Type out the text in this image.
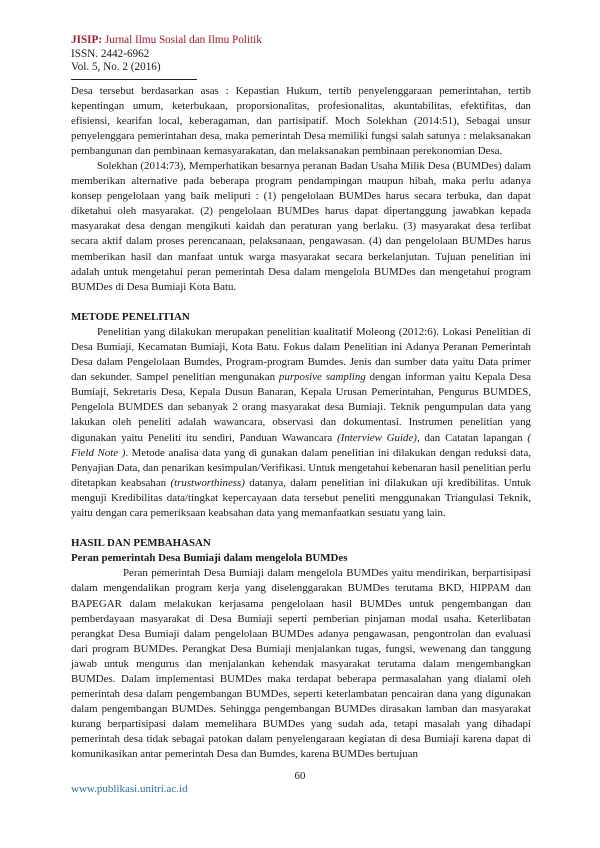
JISIP: Jurnal Ilmu Sosial dan Ilmu Politik
ISSN. 2442-6962
Vol. 5, No. 2 (2016)

Desa tersebut berdasarkan asas : Kepastian Hukum, tertib penyelenggaraan pemerintahan, tertib kepentingan umum, keterbukaan, proporsionalitas, profesionalitas, akuntabilitas, efektifitas, dan efisiensi, kearifan local, keberagaman, dan partisipatif. Moch Solekhan (2014:51), Sebagai unsur penyelenggara pemerintahan desa, maka pemerintah Desa memiliki fungsi salah satunya : melaksanakan pembangunan dan pembinaan kemasyarakatan, dan melaksanakan pembinaan perekonomian Desa.

Solekhan (2014:73), Memperhatikan besarnya peranan Badan Usaha Milik Desa (BUMDes) dalam memberikan alternative pada beberapa program pendampingan maupun hibah, maka perlu adanya konsep pengelolaan yang baik meliputi : (1) pengelolaan BUMDes harus secara terbuka, dan dapat diketahui oleh masyarakat. (2) pengelolaan BUMDes harus dapat dipertanggung jawabkan kepada masyarakat desa dengan mengikuti kaidah dan peraturan yang berlaku. (3) masyarakat desa terlibat secara aktif dalam proses perencanaan, pelaksanaan, pengawasan. (4) dan pengelolaan BUMDes harus memberikan hasil dan manfaat untuk warga masyarakat secara berkelanjutan. Tujuan penelitian ini adalah untuk mengetahui peran pemerintah Desa dalam mengelola BUMDes dan mengetahui program BUMDes di Desa Bumiaji Kota Batu.

METODE PENELITIAN

Penelitian yang dilakukan merupakan penelitian kualitatif Moleong (2012:6). Lokasi Penelitian di Desa Bumiaji, Kecamatan Bumiaji, Kota Batu. Fokus dalam Penelitian ini Adanya Peranan Pemerintah Desa dalam Pengelolaan Bumdes, Program-program Bumdes. Jenis dan sumber data yaitu Data primer dan sekunder. Sampel penelitian mengunakan purposive sampling dengan informan yaitu Kepala Desa Bumiaji, Sekretaris Desa, Kepala Dusun Banaran, Kepala Urusan Pemerintahan, Pengurus BUMDES, Pengelola BUMDES dan sebanyak 2 orang masyarakat desa Bumiaji. Teknik pengumpulan data yang lakukan oleh peneliti adalah wawancara, observasi dan dokumentasi. Instrumen penelitian yang digunakan yaitu Peneliti itu sendiri, Panduan Wawancara (Interview Guide), dan Catatan lapangan ( Field Note ). Metode analisa data yang di gunakan dalam penelitian ini dilakukan dengan reduksi data, Penyajian Data, dan penarikan kesimpulan/Verifikasi. Untuk mengetahui kebenaran hasil penelitian perlu ditetapkan keabsahan (trustworthiness) datanya, dalam penelitian ini dilakukan uji kredibilitas. Untuk menguji Kredibilitas data/tingkat kepercayaan data tersebut peneliti menggunakan Triangulasi Teknik, yaitu dengan cara pemeriksaan keabsahan data yang memanfaatkan sesuatu yang lain.

HASIL DAN PEMBAHASAN
Peran pemerintah Desa Bumiaji dalam mengelola BUMDes

Peran pemerintah Desa Bumiaji dalam mengelola BUMDes yaitu mendirikan, berpartisipasi dalam mengendalikan program kerja yang diselenggarakan BUMDes terutama BKD, HIPPAM dan BAPEGAR dalam melakukan kerjasama pengelolaan hasil BUMDes untuk pengembangan dan pemberdayaan masyarakat di Desa Bumiaji seperti pemberian pinjaman modal usaha. Keterlibatan perangkat Desa Bumiaji dalam pengelolaan BUMDes adanya pengawasan, pengontrolan dan evaluasi dari program BUMDes. Perangkat Desa Bumiaji menjalankan tugas, fungsi, wewenang dan tanggung jawab untuk mengurus dan menjalankan kehendak masyarakat terutama dalam mengembangkan BUMDes. Dalam implementasi BUMDes maka terdapat beberapa permasalahan yang dialami oleh pemerintah desa dalam pengembangan BUMDes, seperti keterlambatan pencairan dana yang digunakan dalam pengembangan BUMDes. Sehingga pengembangan BUMDes dirasakan lamban dan masyarakat kurang berpartisipasi dalam memelihara BUMDes yang sudah ada, tetapi masalah yang dihadapi pemerintah desa tidak sebagai patokan dalam penyelengaraan kegiatan di desa Bumiaji karena dapat di komunikasikan antar pemerintah Desa dan Bumdes, karena BUMDes bertujuan

60
www.publikasi.unitri.ac.id
